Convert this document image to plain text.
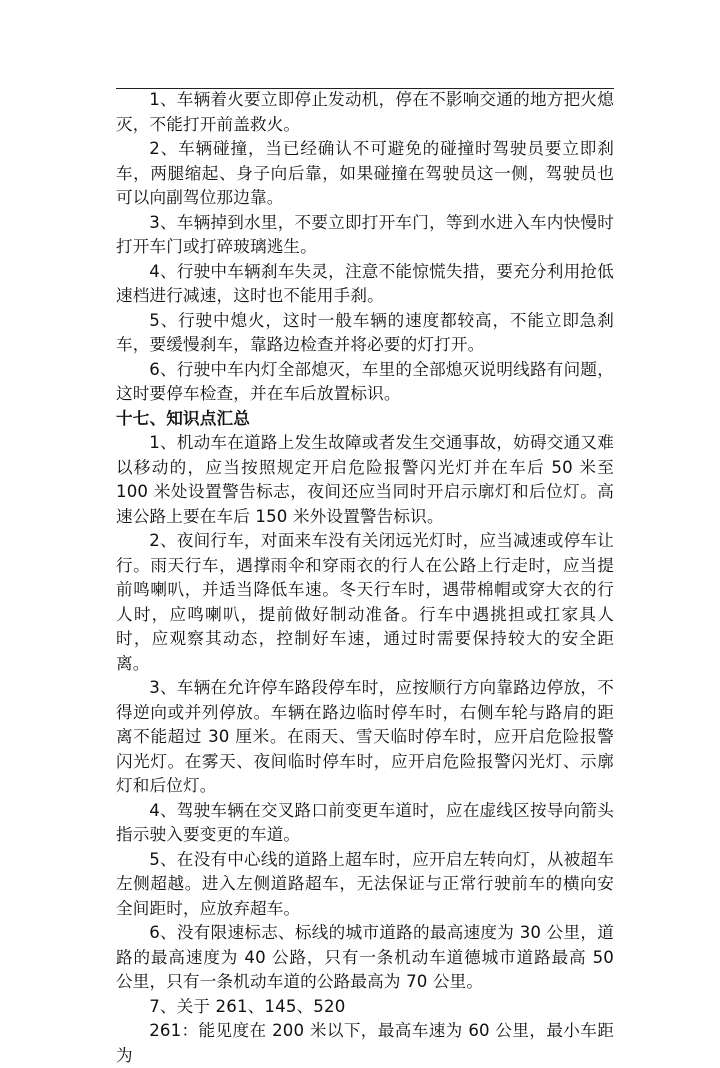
1、车辆着火要立即停止发动机，停在不影响交通的地方把火熄灭，不能打开前盖救火。

2、车辆碰撞，当已经确认不可避免的碰撞时驾驶员要立即刹车，两腿缩起、身子向后靠，如果碰撞在驾驶员这一侧，驾驶员也可以向副驾位那边靠。

3、车辆掉到水里，不要立即打开车门，等到水进入车内快慢时打开车门或打碎玻璃逃生。

4、行驶中车辆刹车失灵，注意不能惊慌失措，要充分利用抢低速档进行减速，这时也不能用手刹。

5、行驶中熄火，这时一般车辆的速度都较高，不能立即急刹车，要缓慢刹车，靠路边检查并将必要的灯打开。

6、行驶中车内灯全部熄灭，车里的全部熄灭说明线路有问题，这时要停车检查，并在车后放置标识。

十七、知识点汇总

1、机动车在道路上发生故障或者发生交通事故，妨碍交通又难以移动的，应当按照规定开启危险报警闪光灯并在车后 50 米至 100 米处设置警告标志，夜间还应当同时开启示廓灯和后位灯。高速公路上要在车后 150 米外设置警告标识。

2、夜间行车，对面来车没有关闭远光灯时，应当减速或停车让行。雨天行车，遇撑雨伞和穿雨衣的行人在公路上行走时，应当提前鸣喇叭，并适当降低车速。冬天行车时，遇带棉帽或穿大衣的行人时，应鸣喇叭，提前做好制动准备。行车中遇挑担或扛家具人时，应观察其动态，控制好车速，通过时需要保持较大的安全距离。

3、车辆在允许停车路段停车时，应按顺行方向靠路边停放，不得逆向或并列停放。车辆在路边临时停车时，右侧车轮与路肩的距离不能超过 30 厘米。在雨天、雪天临时停车时，应开启危险报警闪光灯。在雾天、夜间临时停车时，应开启危险报警闪光灯、示廓灯和后位灯。

4、驾驶车辆在交叉路口前变更车道时，应在虚线区按导向箭头指示驶入要变更的车道。

5、在没有中心线的道路上超车时，应开启左转向灯，从被超车左侧超越。进入左侧道路超车，无法保证与正常行驶前车的横向安全间距时，应放弃超车。

6、没有限速标志、标线的城市道路的最高速度为 30 公里，道路的最高速度为 40 公路，只有一条机动车道德城市道路最高 50 公里，只有一条机动车道的公路最高为 70 公里。

7、关于 261、145、520

261：能见度在 200 米以下，最高车速为 60 公里，最小车距为
